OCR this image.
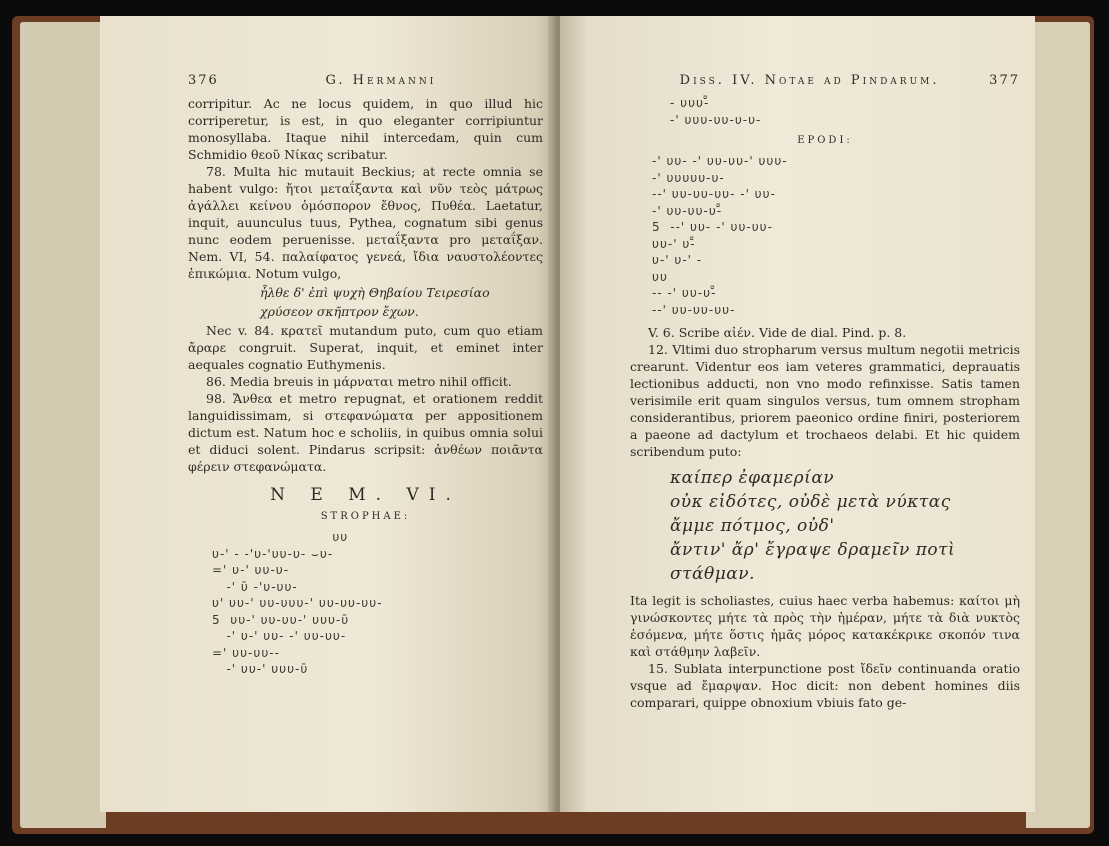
376	G. Hermanni

corripitur. Ac ne locus quidem, in quo illud hic corriperetur, is est, in quo eleganter corripiuntur monosyllaba. Itaque nihil intercedam, quin cum Schmidio θεοῦ Νίκας scribatur.

78. Multa hic mutauit Beckius; at recte omnia se habent vulgo: ἤτοι μεταΐξαντα καὶ νῦν τεὸς μάτρως ἀγάλλει κείνου ὁμόσπορον ἔθνος, Πυθέα. Laetatur, inquit, auunculus tuus, Pythea, cognatum sibi genus nunc eodem peruenisse. μεταΐξαντα pro μεταΐξαν. Nem. VI, 54. παλαίφατος γενεά, ἴδια ναυστολέοντες ἐπικώμια. Notum vulgo,

ἦλθε δ' ἐπὶ ψυχὴ Θηβαίου Τειρεσίαο
χρύσεον σκῆπτρον ἔχων.

Nec v. 84. κρατεῖ mutandum puto, cum quo etiam ἄραρε congruit. Superat, inquit, et eminet inter aequales cognatio Euthymenis.

86. Media breuis in μάρναται metro nihil officit.

98. Ἄνθεα et metro repugnat, et orationem reddit languidissimam, si στεφανώματα per appositionem dictum est. Natum hoc e scholiis, in quibus omnia solui et diduci solent. Pindarus scripsit: ἀνθέων ποιᾶντα φέρειν στεφανώματα.

N E M. VI.
STROPHAE:
υυ
υ-' - -'υ-'υυ-υ- ⌣υ-
=' υ-' υυ-υ-
-' ῡ -'υ-υυ-
υ' υυ-' υυ-υυυ-' υυ-υυ-υυ-
5  υυ-' υυ-υυ-' υυυ-ῡ
-' υ-' υυ- -' υυ-υυ-
=' υυ-υυ--
-' υυ-' υυυ-ῡ
Diss. IV. Notae ad Pindarum.	377
- υυυ-̆̄
-' υυυ-υυ-υ-υ-
EPODI:
-' υυ- -' υυ-υυ-' υυυ-
-' υυυυυ-υ-
--' υυ-υυ-υυ- -' υυ-
-' υυ-υυ-υ-̆̄
5  --' υυ- -' υυ-υυ-
υυ-' υ-̆̄
υ-' υ-' -
υυ
-- -' υυ-υ-̆̄
--' υυ-υυ-υυ-

V. 6. Scribe αἰέν. Vide de dial. Pind. p. 8.

12. Vltimi duo stropharum versus multum negotii metricis crearunt. Videntur eos iam veteres grammatici, deprauatis lectionibus adducti, non vno modo refinxisse. Satis tamen verisimile erit quam singulos versus, tum omnem stropham considerantibus, priorem paeonico ordine finiri, posteriorem a paeone ad dactylum et trochaeos delabi. Et hic quidem scribendum puto:

καίπερ ἐφαμερίαν
οὐκ εἰδότες, οὐδὲ μετὰ νύκτας
ἄμμε πότμος, οὐδ'
ἄντιν' ἄρ' ἔγραψε δραμεῖν ποτὶ στάθμαν.

Ita legit is scholiastes, cuius haec verba habemus: καίτοι μὴ γινώσκοντες μήτε τὰ πρὸς τὴν ἡμέραν, μήτε τὰ διὰ νυκτὸς ἐσόμενα, μήτε ὅστις ἡμᾶς μόρος κατακέκρικε σκοπόν τινα καὶ στάθμην λαβεῖν.

15. Sublata interpunctione post ἴδεῖν continuanda oratio vsque ad ἔμαρψαν. Hoc dicit: non debent homines diis comparari, quippe obnoxium vbiuis fato ge-
